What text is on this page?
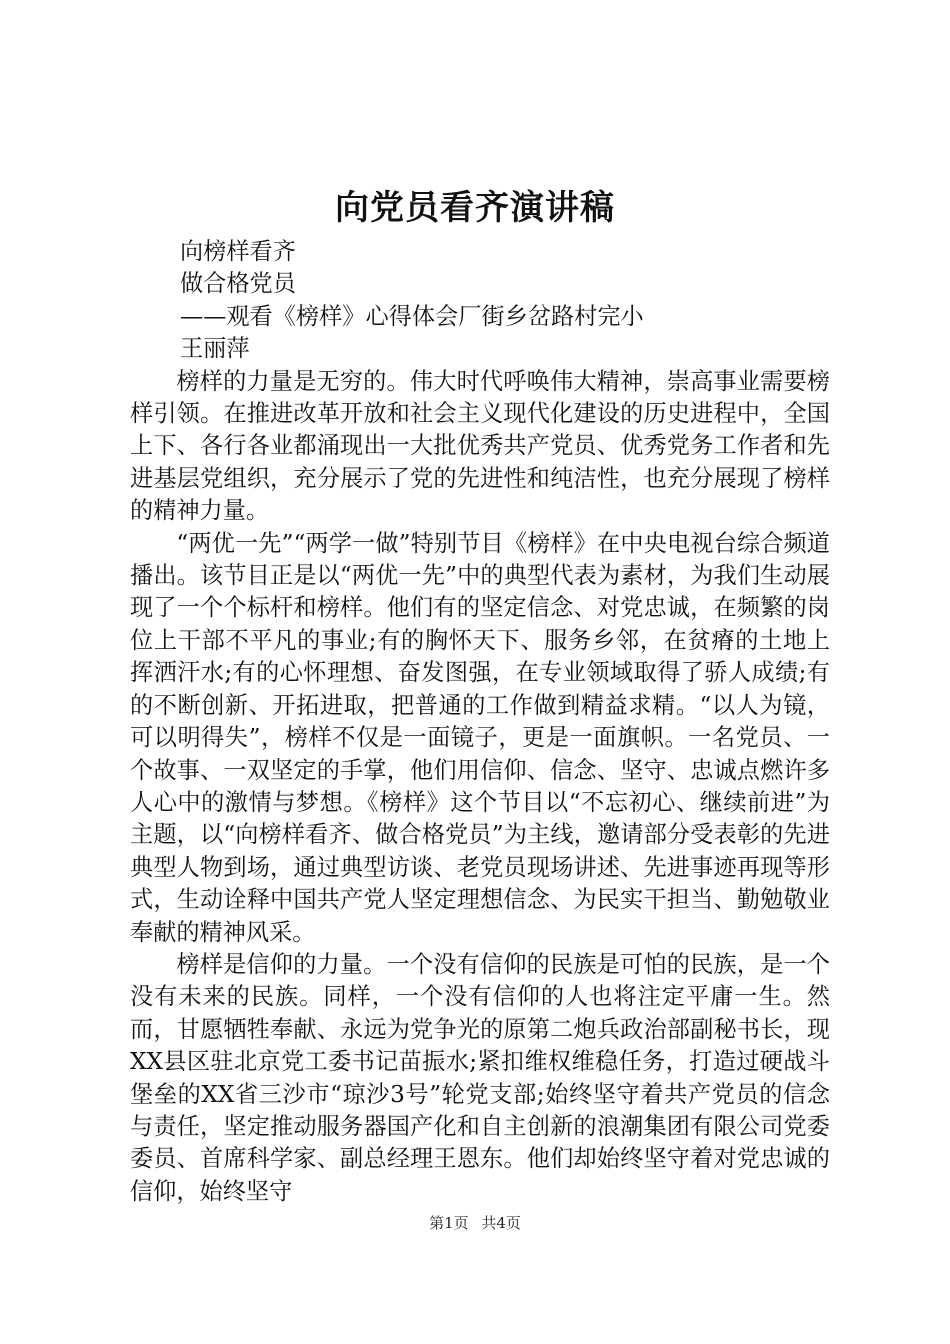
向党员看齐演讲稿

向榜样看齐

做合格党员

——观看《榜样》心得体会厂街乡岔路村完小

王丽萍

榜样的力量是无穷的。伟大时代呼唤伟大精神，崇高事业需要榜样引领。在推进改革开放和社会主义现代化建设的历史进程中，全国上下、各行各业都涌现出一大批优秀共产党员、优秀党务工作者和先进基层党组织，充分展示了党的先进性和纯洁性，也充分展现了榜样的精神力量。

“两优一先”“两学一做”特别节目《榜样》在中央电视台综合频道播出。该节目正是以“两优一先”中的典型代表为素材，为我们生动展现了一个个标杆和榜样。他们有的坚定信念、对党忠诚，在频繁的岗位上干部不平凡的事业;有的胸怀天下、服务乡邻，在贫瘠的土地上挥洒汗水;有的心怀理想、奋发图强，在专业领域取得了骄人成绩;有的不断创新、开拓进取，把普通的工作做到精益求精。“以人为镜，可以明得失”，榜样不仅是一面镜子，更是一面旗帜。一名党员、一个故事、一双坚定的手掌，他们用信仰、信念、坚守、忠诚点燃许多人心中的激情与梦想。《榜样》这个节目以“不忘初心、继续前进”为主题，以“向榜样看齐、做合格党员”为主线，邀请部分受表彰的先进典型人物到场，通过典型访谈、老党员现场讲述、先进事迹再现等形式，生动诠释中国共产党人坚定理想信念、为民实干担当、勤勉敬业奉献的精神风采。

榜样是信仰的力量。一个没有信仰的民族是可怕的民族，是一个没有未来的民族。同样，一个没有信仰的人也将注定平庸一生。然而，甘愿牺牲奉献、永远为党争光的原第二炮兵政治部副秘书长，现XX县区驻北京党工委书记苗振水;紧扣维权维稳任务，打造过硬战斗堡垒的XX省三沙市“琼沙3号”轮党支部;始终坚守着共产党员的信念与责任，坚定推动服务器国产化和自主创新的浪潮集团有限公司党委委员、首席科学家、副总经理王恩东。他们却始终坚守着对党忠诚的信仰，始终坚守

第1页 共4页
